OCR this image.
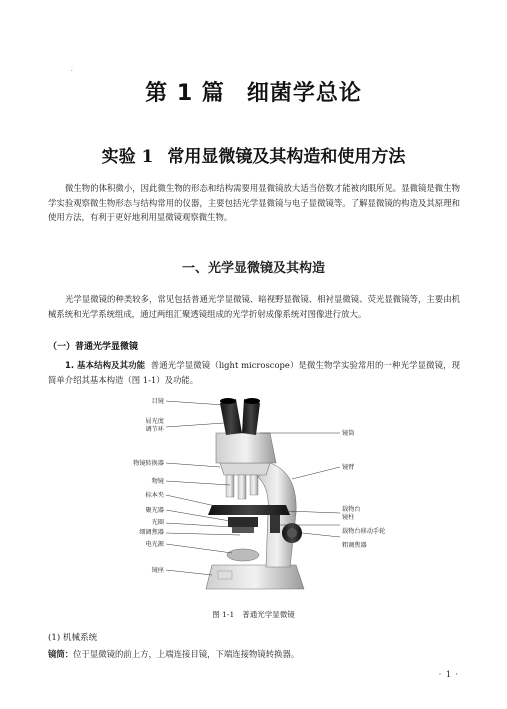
ˊ
第 1 篇 细菌学总论
实验 1 常用显微镜及其构造和使用方法

微生物的体积微小，因此微生物的形态和结构需要用显微镜放大适当倍数才能被肉眼所见。显微镜是微生物学实验观察微生物形态与结构常用的仪器，主要包括光学显微镜与电子显微镜等。了解显微镜的构造及其原理和使用方法，有利于更好地利用显微镜观察微生物。

一、光学显微镜及其构造

光学显微镜的种类较多，常见包括普通光学显微镜、暗视野显微镜、相衬显微镜、荧光显微镜等，主要由机械系统和光学系统组成，通过两组汇聚透镜组成的光学折射成像系统对图像进行放大。

（一）普通光学显微镜

1. 基本结构及其功能 普通光学显微镜（light microscope）是微生物学实验常用的一种光学显微镜，现简单介绍其基本构造（图 1-1）及功能。

目镜
屈光度
调节环
物镜转换器
物镜
标本夹
聚光器
光圈
细调焦器
电光源
镜座
镜筒
镜臂
载物台
镜柱
载物台移动手轮
粗调焦器
图 1-1 普通光学显微镜
(1) 机械系统
镜筒：位于显微镜的前上方，上端连接目镜，下端连接物镜转换器。
· 1 ·
